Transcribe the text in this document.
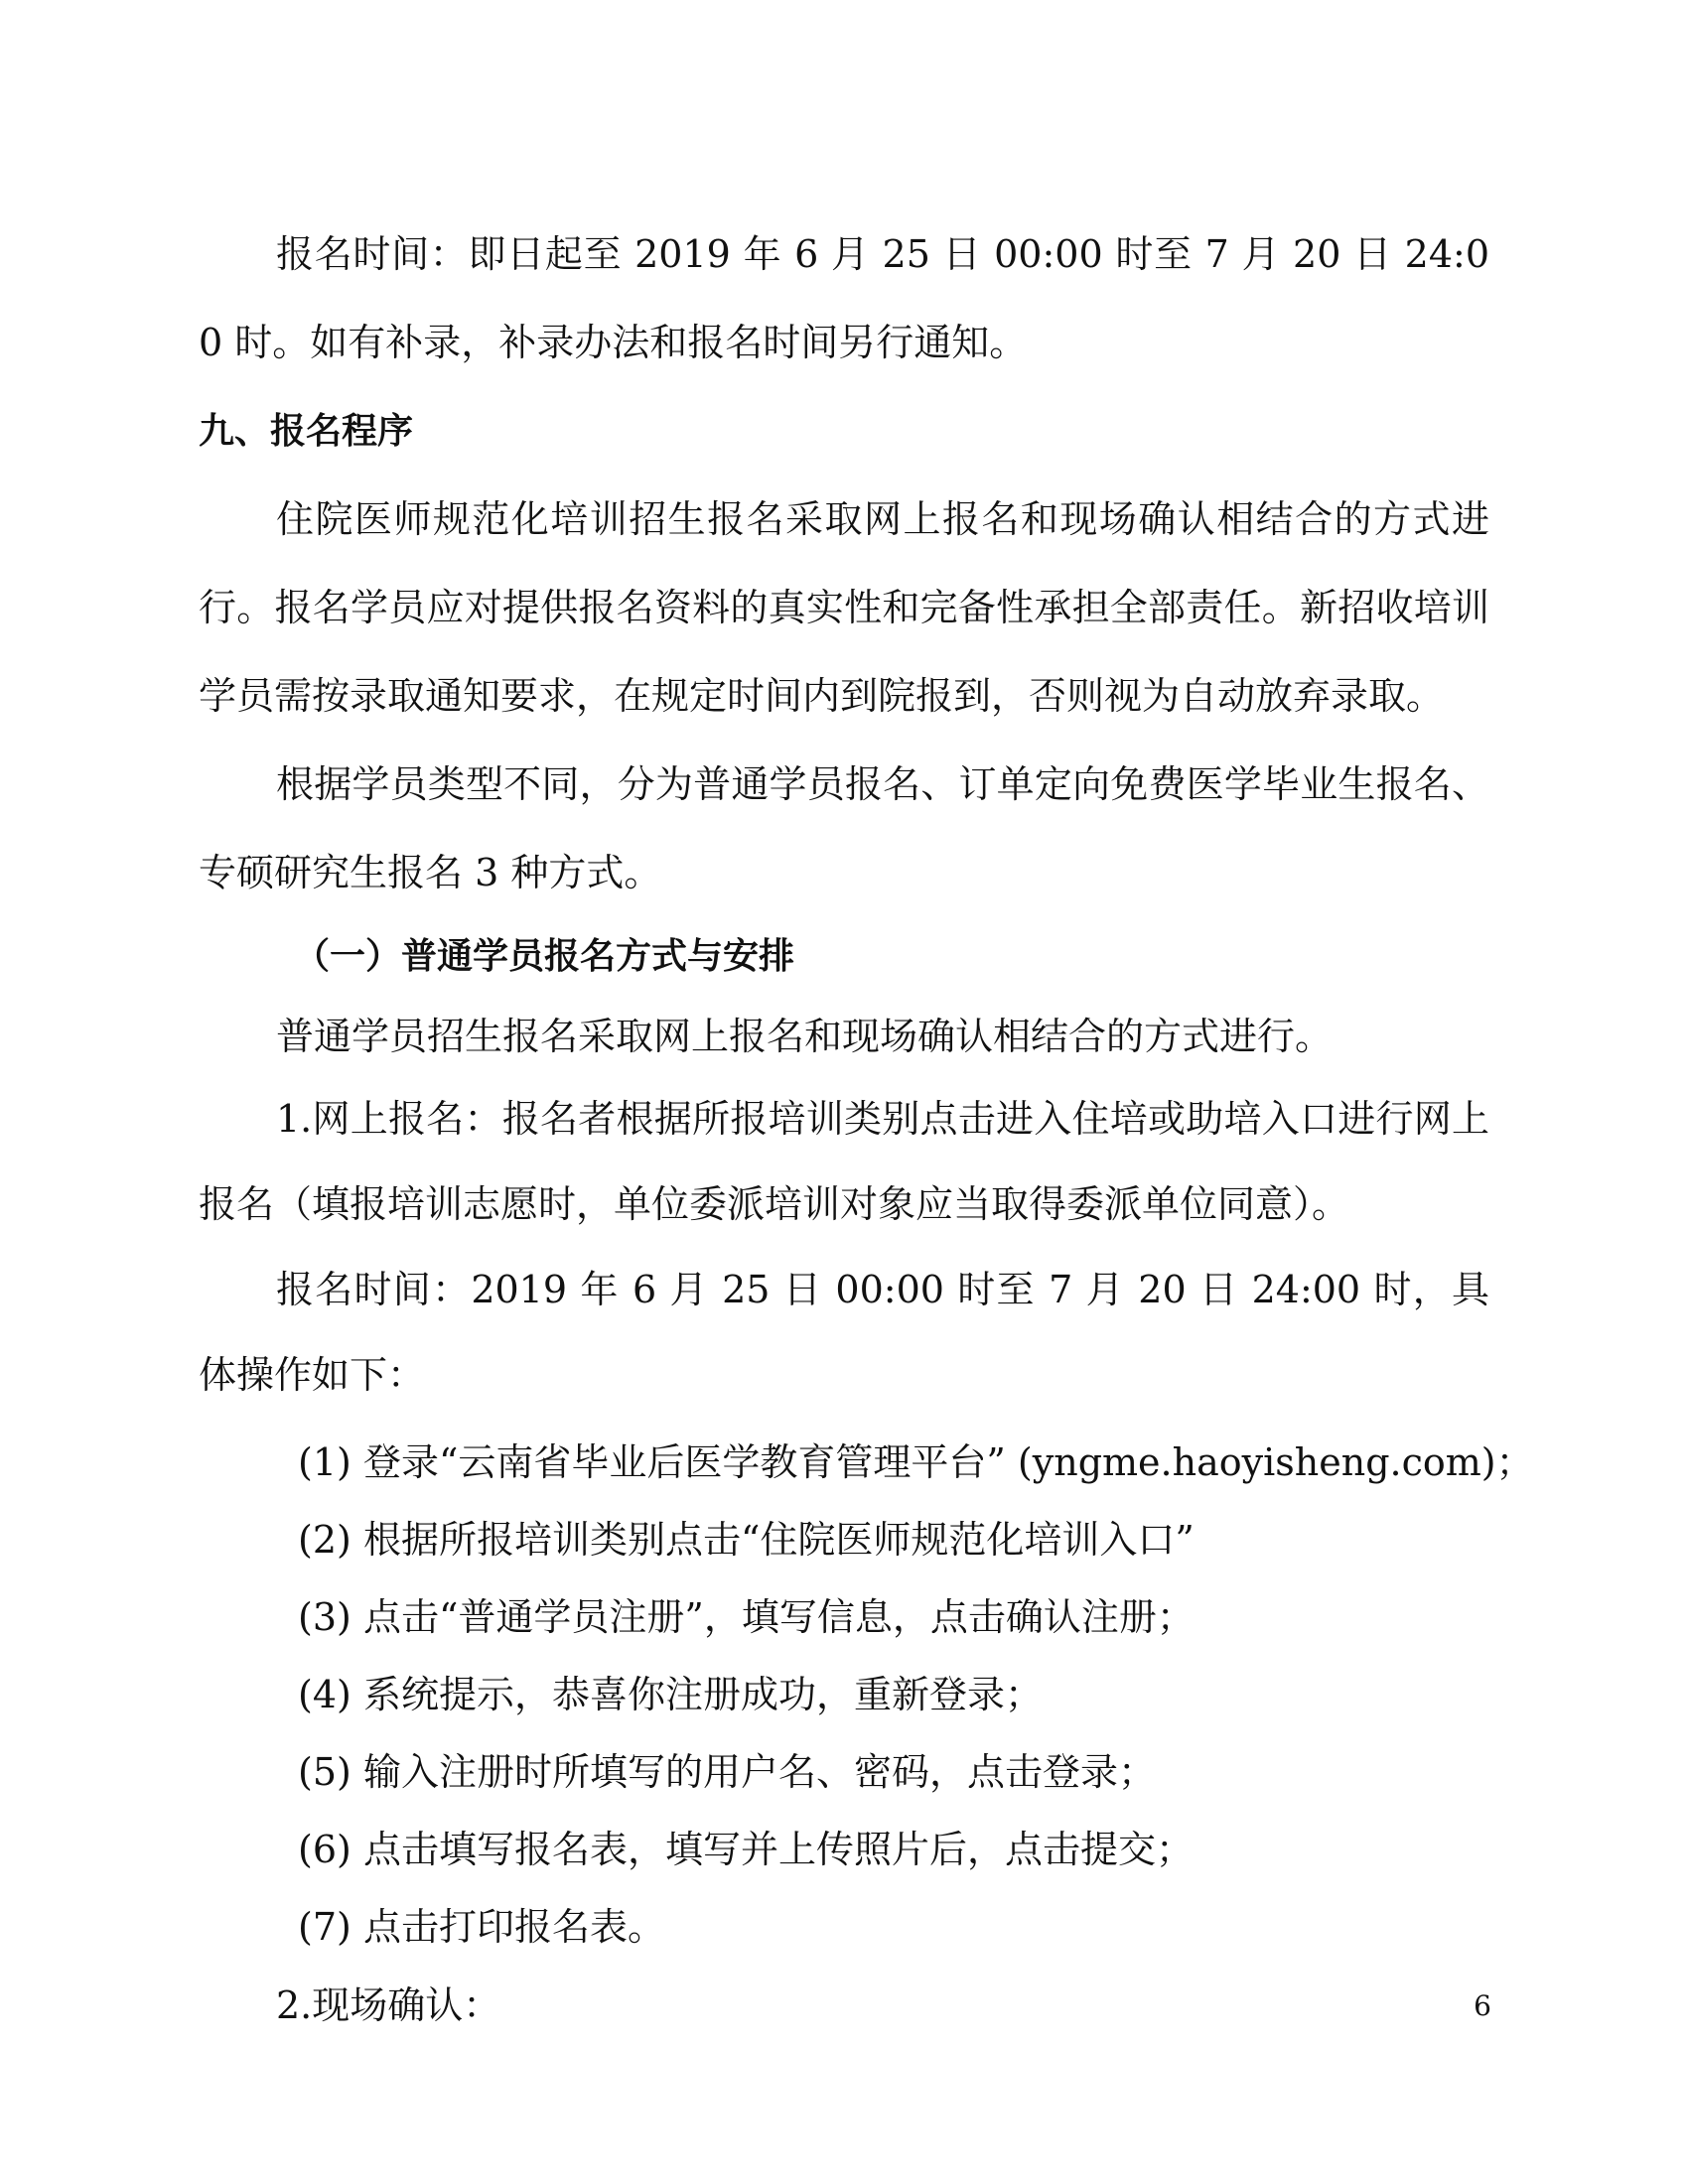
报名时间：即日起至 2019 年 6 月 25 日 00:00 时至 7 月 20 日 24:00 时。如有补录，补录办法和报名时间另行通知。

九、报名程序

住院医师规范化培训招生报名采取网上报名和现场确认相结合的方式进行。报名学员应对提供报名资料的真实性和完备性承担全部责任。新招收培训学员需按录取通知要求，在规定时间内到院报到，否则视为自动放弃录取。

根据学员类型不同，分为普通学员报名、订单定向免费医学毕业生报名、专硕研究生报名 3 种方式。

（一）普通学员报名方式与安排

普通学员招生报名采取网上报名和现场确认相结合的方式进行。

1.网上报名：报名者根据所报培训类别点击进入住培或助培入口进行网上报名（填报培训志愿时，单位委派培训对象应当取得委派单位同意）。

报名时间：2019 年 6 月 25 日 00:00 时至 7 月 20 日 24:00 时，具体操作如下：

(1) 登录“云南省毕业后医学教育管理平台” (yngme.haoyisheng.com)；

(2) 根据所报培训类别点击“住院医师规范化培训入口”

(3) 点击“普通学员注册”，填写信息，点击确认注册；

(4) 系统提示，恭喜你注册成功，重新登录；

(5) 输入注册时所填写的用户名、密码，点击登录；

(6) 点击填写报名表，填写并上传照片后，点击提交；

(7) 点击打印报名表。

2.现场确认：	6
